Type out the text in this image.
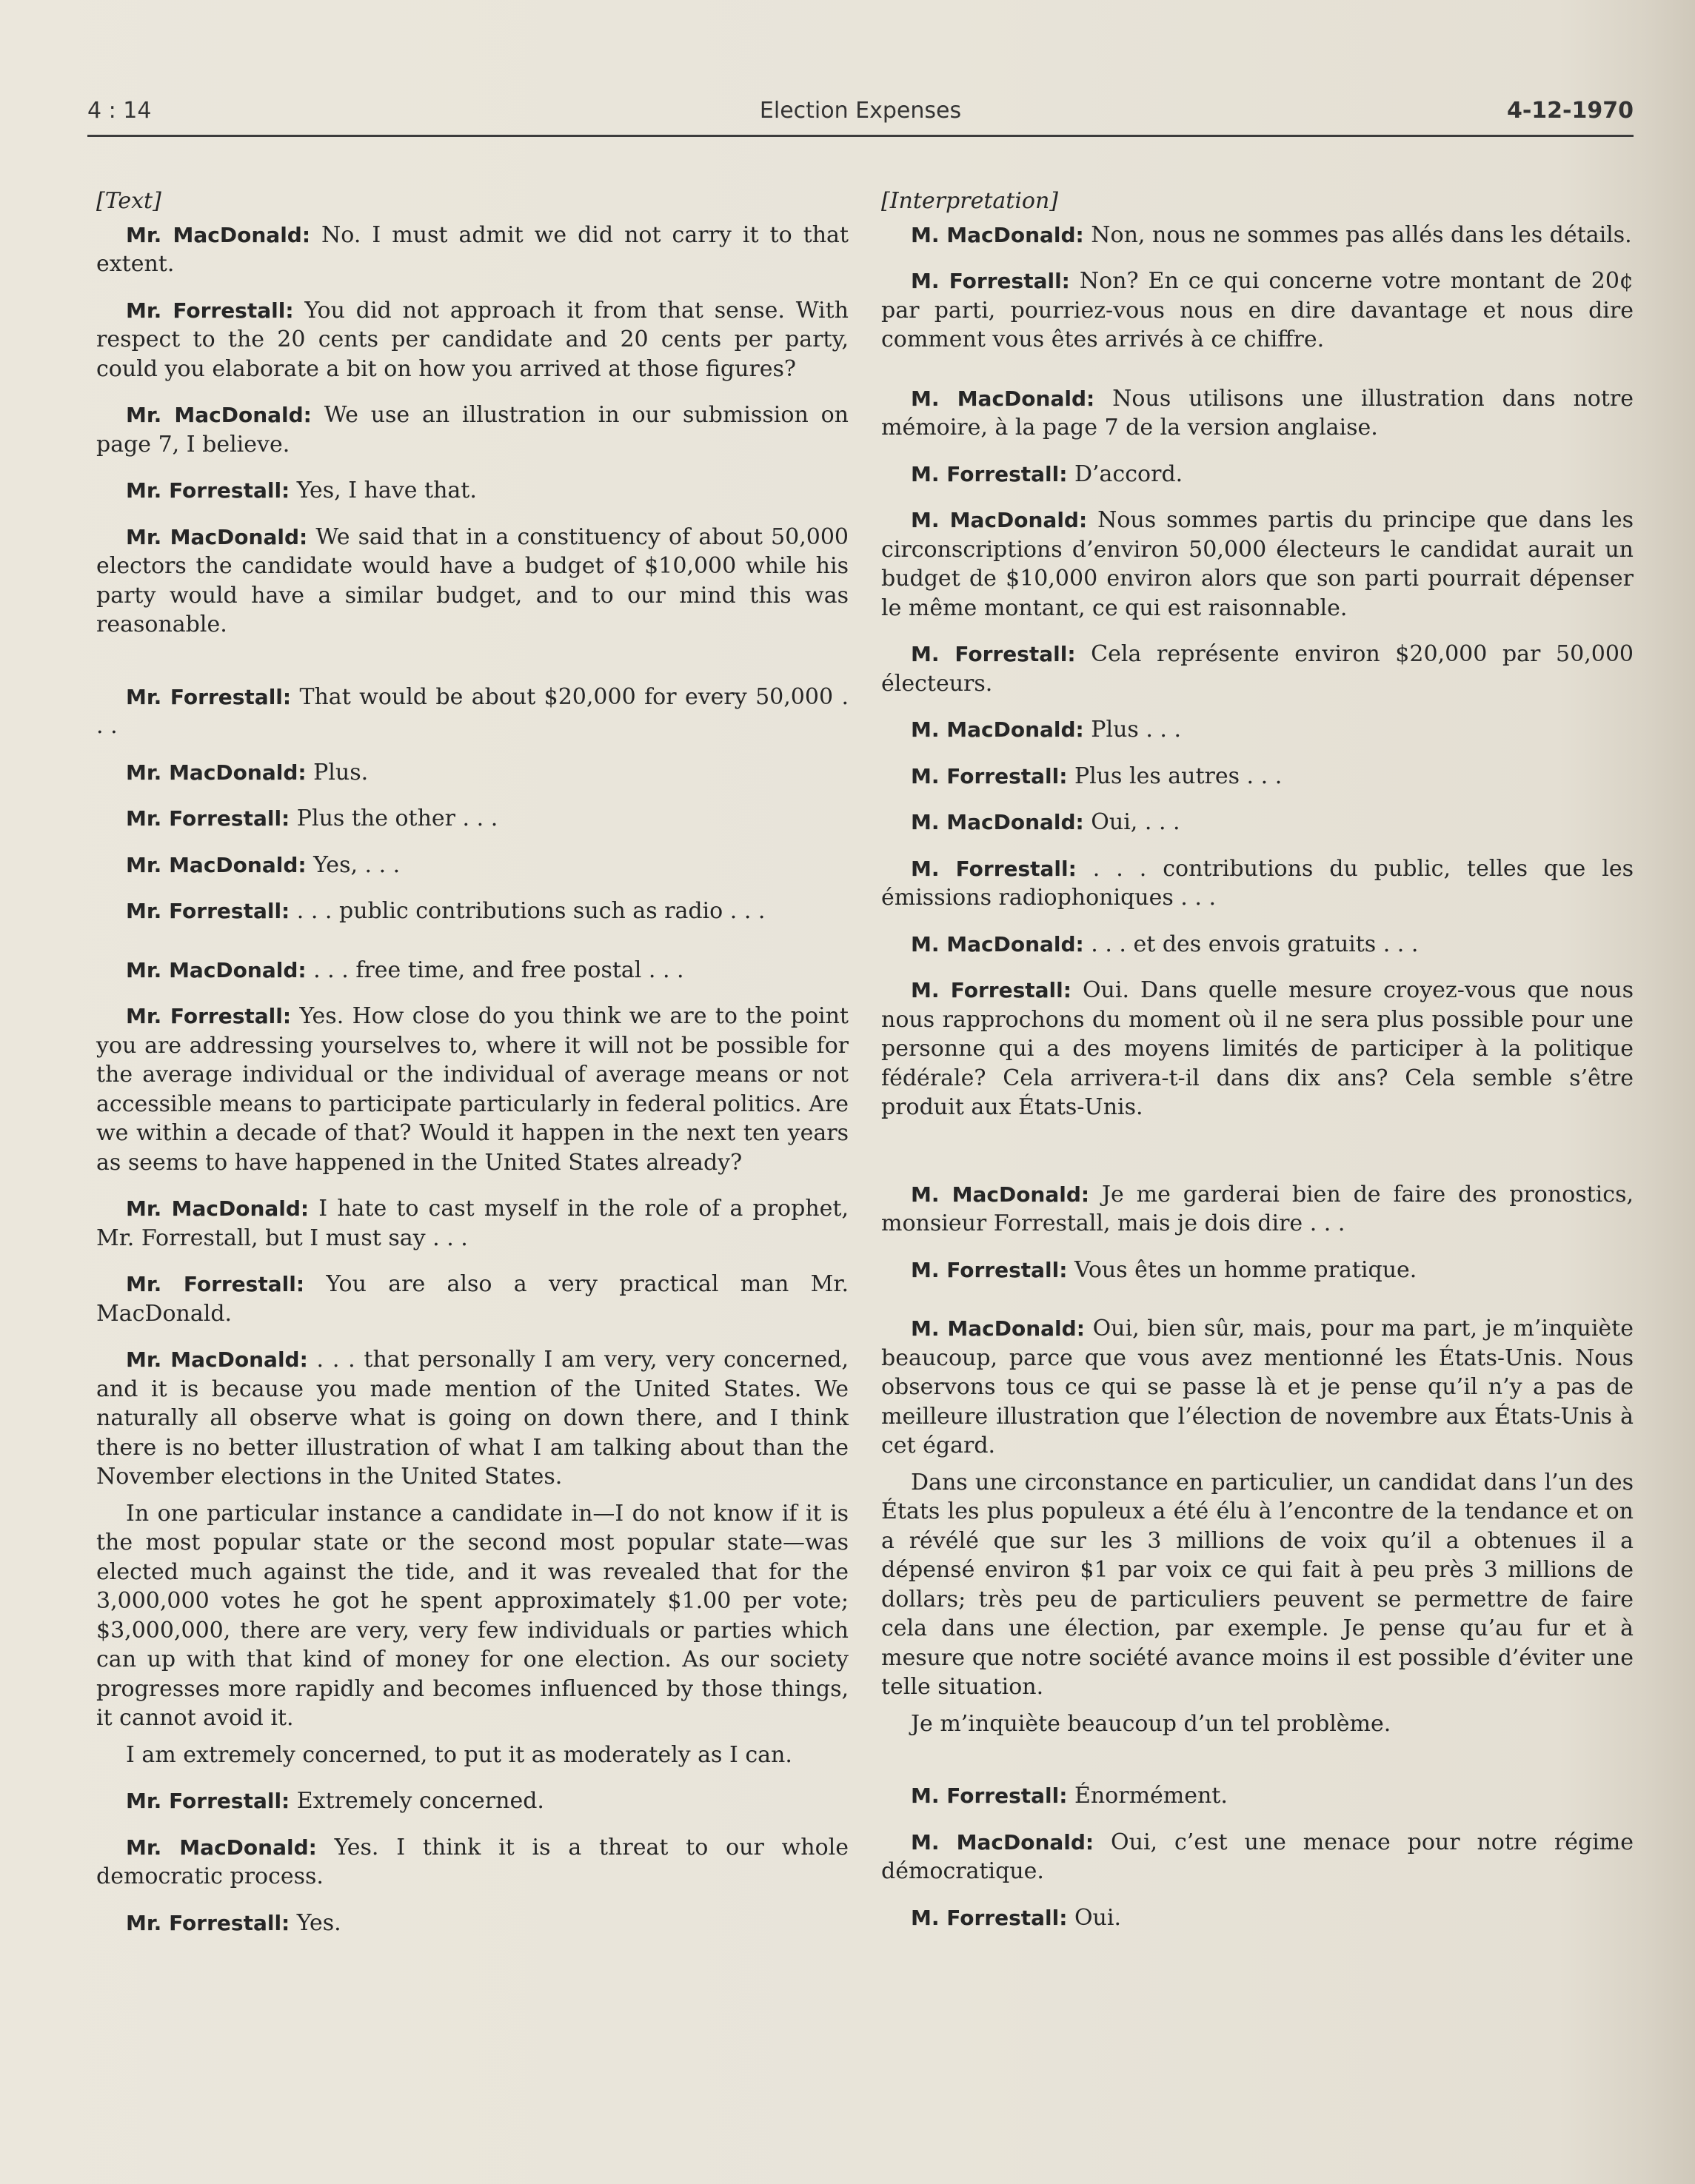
4 : 14	Election Expenses	4-12-1970

[Text]

Mr. MacDonald: No. I must admit we did not carry it to that extent.

Mr. Forrestall: You did not approach it from that sense. With respect to the 20 cents per candidate and 20 cents per party, could you elaborate a bit on how you arrived at those figures?

Mr. MacDonald: We use an illustration in our submission on page 7, I believe.

Mr. Forrestall: Yes, I have that.

Mr. MacDonald: We said that in a constituency of about 50,000 electors the candidate would have a budget of $10,000 while his party would have a similar budget, and to our mind this was reasonable.

Mr. Forrestall: That would be about $20,000 for every 50,000 . . .

Mr. MacDonald: Plus.

Mr. Forrestall: Plus the other . . .

Mr. MacDonald: Yes, . . .

Mr. Forrestall: . . . public contributions such as radio . . .

Mr. MacDonald: . . . free time, and free postal . . .

Mr. Forrestall: Yes. How close do you think we are to the point you are addressing yourselves to, where it will not be possible for the average individual or the individual of average means or not accessible means to participate particularly in federal politics. Are we within a decade of that? Would it happen in the next ten years as seems to have happened in the United States already?

Mr. MacDonald: I hate to cast myself in the role of a prophet, Mr. Forrestall, but I must say . . .

Mr. Forrestall: You are also a very practical man Mr. MacDonald.

Mr. MacDonald: . . . that personally I am very, very concerned, and it is because you made mention of the United States. We naturally all observe what is going on down there, and I think there is no better illustration of what I am talking about than the November elections in the United States.

In one particular instance a candidate in—I do not know if it is the most popular state or the second most popular state—was elected much against the tide, and it was revealed that for the 3,000,000 votes he got he spent approximately $1.00 per vote; $3,000,000, there are very, very few individuals or parties which can up with that kind of money for one election. As our society progresses more rapidly and becomes influenced by those things, it cannot avoid it.

I am extremely concerned, to put it as moderately as I can.

Mr. Forrestall: Extremely concerned.

Mr. MacDonald: Yes. I think it is a threat to our whole democratic process.

Mr. Forrestall: Yes.

[Interpretation]

M. MacDonald: Non, nous ne sommes pas allés dans les détails.

M. Forrestall: Non? En ce qui concerne votre montant de 20¢ par parti, pourriez-vous nous en dire davantage et nous dire comment vous êtes arrivés à ce chiffre.

M. MacDonald: Nous utilisons une illustration dans notre mémoire, à la page 7 de la version anglaise.

M. Forrestall: D’accord.

M. MacDonald: Nous sommes partis du principe que dans les circonscriptions d’environ 50,000 électeurs le candidat aurait un budget de $10,000 environ alors que son parti pourrait dépenser le même montant, ce qui est raisonnable.

M. Forrestall: Cela représente environ $20,000 par 50,000 électeurs.

M. MacDonald: Plus . . .

M. Forrestall: Plus les autres . . .

M. MacDonald: Oui, . . .

M. Forrestall: . . . contributions du public, telles que les émissions radiophoniques . . .

M. MacDonald: . . . et des envois gratuits . . .

M. Forrestall: Oui. Dans quelle mesure croyez-vous que nous nous rapprochons du moment où il ne sera plus possible pour une personne qui a des moyens limités de participer à la politique fédérale? Cela arrivera-t-il dans dix ans? Cela semble s’être produit aux États-Unis.

M. MacDonald: Je me garderai bien de faire des pronostics, monsieur Forrestall, mais je dois dire . . .

M. Forrestall: Vous êtes un homme pratique.

M. MacDonald: Oui, bien sûr, mais, pour ma part, je m’inquiète beaucoup, parce que vous avez mentionné les États-Unis. Nous observons tous ce qui se passe là et je pense qu’il n’y a pas de meilleure illustration que l’élection de novembre aux États-Unis à cet égard.

Dans une circonstance en particulier, un candidat dans l’un des États les plus populeux a été élu à l’encontre de la tendance et on a révélé que sur les 3 millions de voix qu’il a obtenues il a dépensé environ $1 par voix ce qui fait à peu près 3 millions de dollars; très peu de particuliers peuvent se permettre de faire cela dans une élection, par exemple. Je pense qu’au fur et à mesure que notre société avance moins il est possible d’éviter une telle situation.

Je m’inquiète beaucoup d’un tel problème.

M. Forrestall: Énormément.

M. MacDonald: Oui, c’est une menace pour notre régime démocratique.

M. Forrestall: Oui.
